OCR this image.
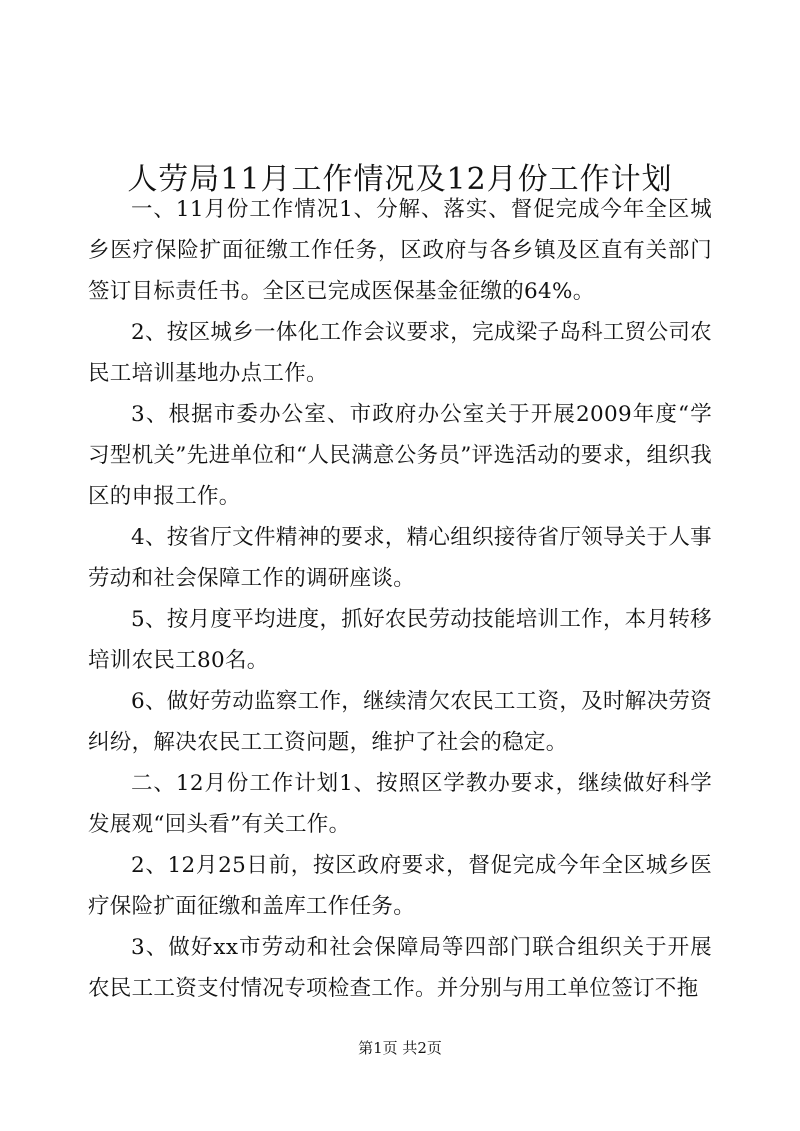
人劳局11月工作情况及12月份工作计划

一、11月份工作情况1、分解、落实、督促完成今年全区城乡医疗保险扩面征缴工作任务，区政府与各乡镇及区直有关部门签订目标责任书。全区已完成医保基金征缴的64%。

2、按区城乡一体化工作会议要求，完成梁子岛科工贸公司农民工培训基地办点工作。

3、根据市委办公室、市政府办公室关于开展2009年度“学习型机关”先进单位和“人民满意公务员”评选活动的要求，组织我区的申报工作。

4、按省厅文件精神的要求，精心组织接待省厅领导关于人事劳动和社会保障工作的调研座谈。

5、按月度平均进度，抓好农民劳动技能培训工作，本月转移培训农民工80名。

6、做好劳动监察工作，继续清欠农民工工资，及时解决劳资纠纷，解决农民工工资问题，维护了社会的稳定。

二、12月份工作计划1、按照区学教办要求，继续做好科学发展观“回头看”有关工作。

2、12月25日前，按区政府要求，督促完成今年全区城乡医疗保险扩面征缴和盖库工作任务。

3、做好xx市劳动和社会保障局等四部门联合组织关于开展农民工工资支付情况专项检查工作。并分别与用工单位签订不拖

第1页 共2页
